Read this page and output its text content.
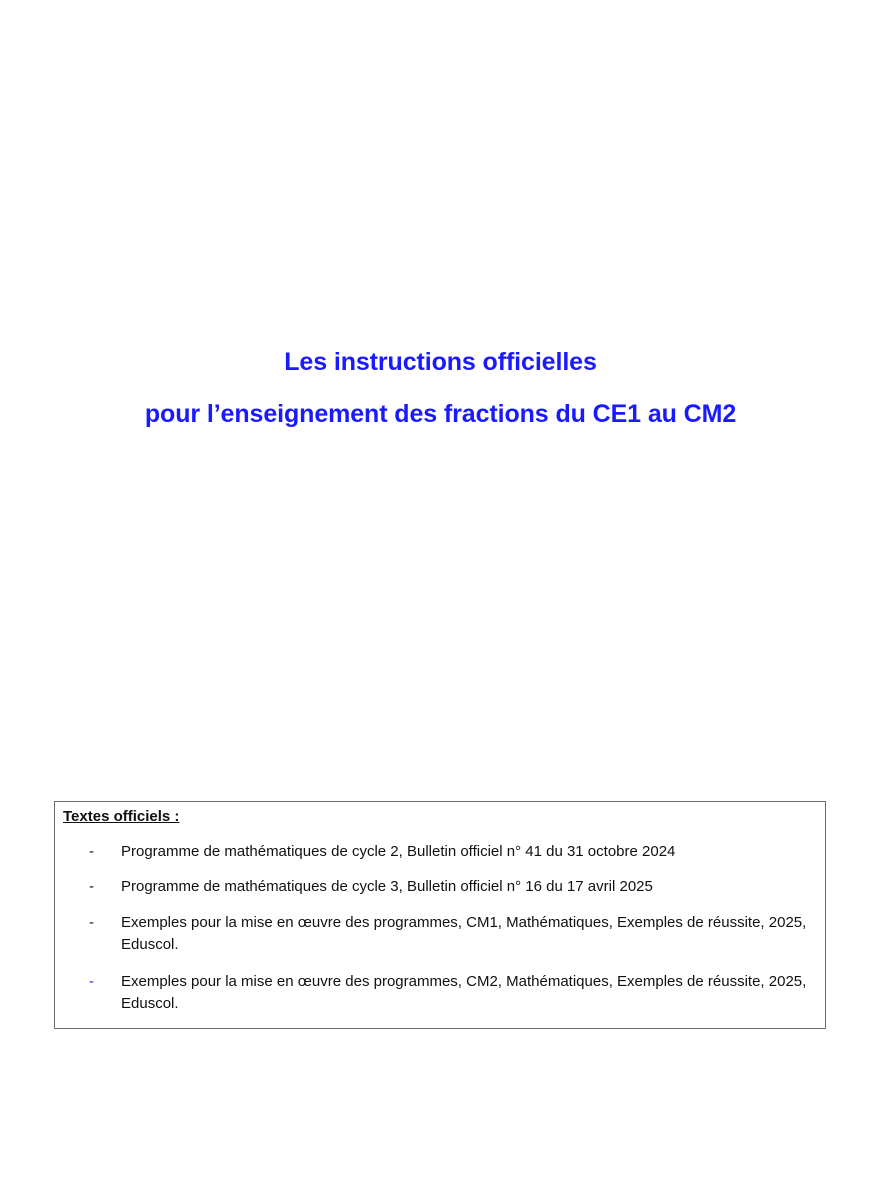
Les instructions officielles
pour l’enseignement des fractions du CE1 au CM2
Textes officiels :
-	Programme de mathématiques de cycle 2, Bulletin officiel n° 41 du 31 octobre 2024
-	Programme de mathématiques de cycle 3, Bulletin officiel n° 16 du 17 avril 2025
-	Exemples pour la mise en œuvre des programmes, CM1, Mathématiques, Exemples de réussite, 2025, Eduscol.
-	Exemples pour la mise en œuvre des programmes, CM2, Mathématiques, Exemples de réussite, 2025, Eduscol.
